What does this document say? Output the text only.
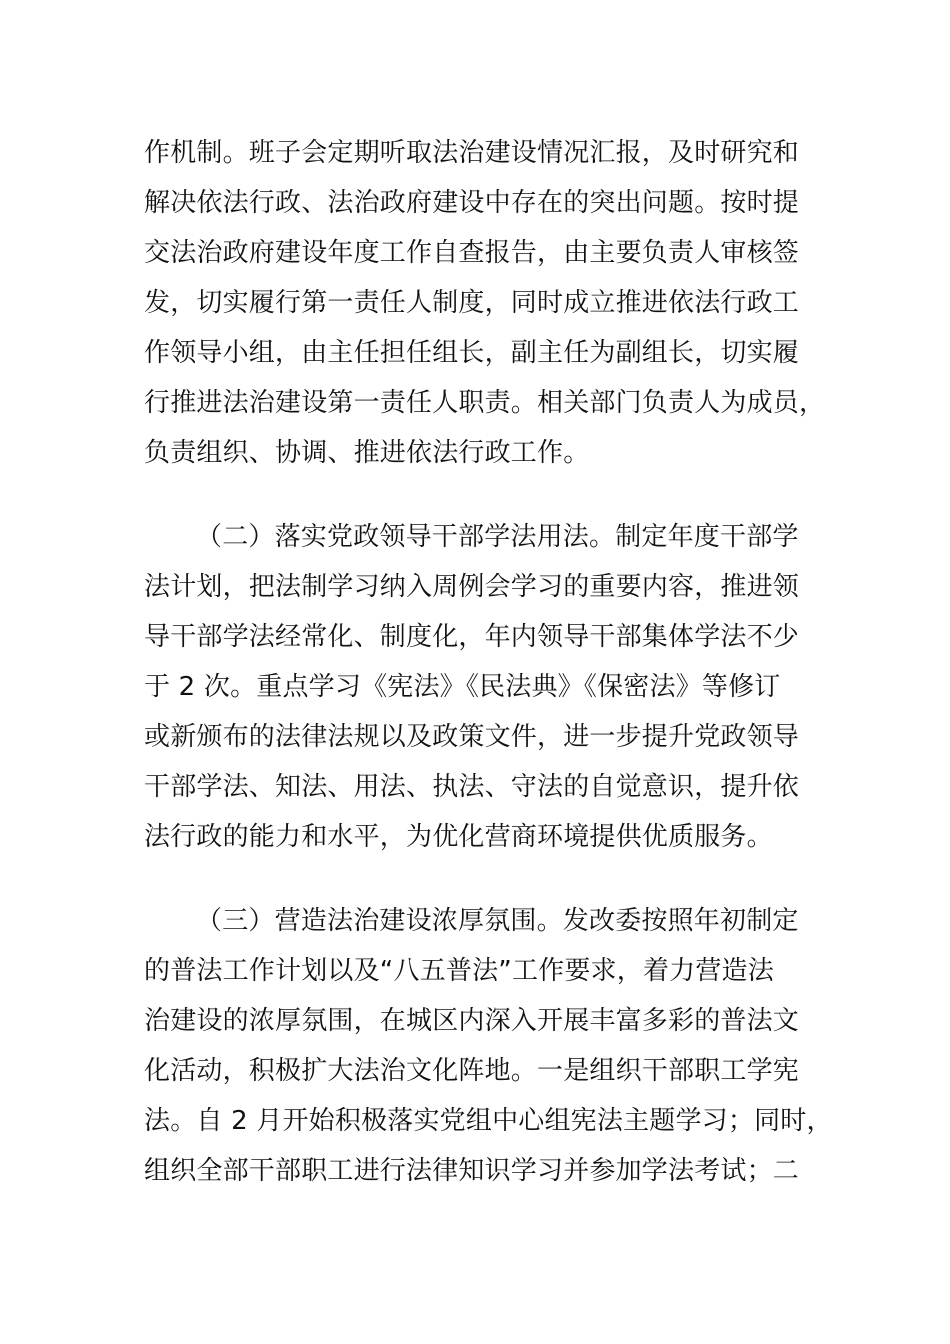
作机制。班子会定期听取法治建设情况汇报，及时研究和
解决依法行政、法治政府建设中存在的突出问题。按时提
交法治政府建设年度工作自查报告，由主要负责人审核签
发，切实履行第一责任人制度，同时成立推进依法行政工
作领导小组，由主任担任组长，副主任为副组长，切实履
行推进法治建设第一责任人职责。相关部门负责人为成员，
负责组织、协调、推进依法行政工作。
（二）落实党政领导干部学法用法。制定年度干部学
法计划，把法制学习纳入周例会学习的重要内容，推进领
导干部学法经常化、制度化，年内领导干部集体学法不少
于 2 次。重点学习《宪法》《民法典》《保密法》等修订
或新颁布的法律法规以及政策文件，进一步提升党政领导
干部学法、知法、用法、执法、守法的自觉意识，提升依
法行政的能力和水平，为优化营商环境提供优质服务。
（三）营造法治建设浓厚氛围。发改委按照年初制定
的普法工作计划以及“八五普法”工作要求，着力营造法
治建设的浓厚氛围，在城区内深入开展丰富多彩的普法文
化活动，积极扩大法治文化阵地。一是组织干部职工学宪
法。自 2 月开始积极落实党组中心组宪法主题学习；同时，
组织全部干部职工进行法律知识学习并参加学法考试；二
